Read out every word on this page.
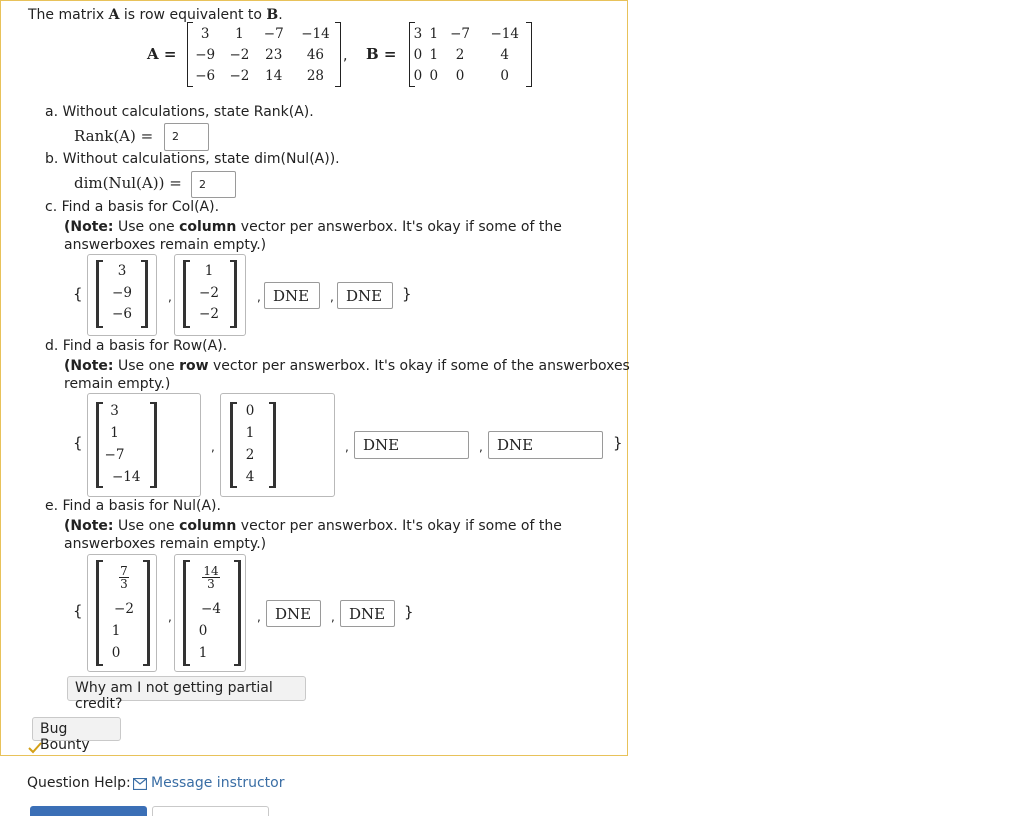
The matrix A is row equivalent to B.
A =
3	1	−7	−14
−9	−2	23	46
−6	−2	14	28
, B =
3	1	−7	−14
0	1	2	4
0	0	0	0
a. Without calculations, state Rank(A).
Rank(A) =	2
b. Without calculations, state dim(Nul(A)).
dim(Nul(A)) =	2
c. Find a basis for Col(A).
(Note: Use one column vector per answerbox. It's okay if some of the answerboxes remain empty.)
{
3
−9
−6
,
1
−2
−2
, DNE	, DNE	}
d. Find a basis for Row(A).
(Note: Use one row vector per answerbox. It's okay if some of the answerboxes remain empty.)
{
3
1
−7
−14
,
0
1
2
4
, DNE	, DNE	}
e. Find a basis for Nul(A).
(Note: Use one column vector per answerbox. It's okay if some of the answerboxes remain empty.)
{
$\frac{7}{3}$
−2
1
0
,
$\frac{14}{3}$
−4
0
1
, DNE	, DNE	}
Why am I not getting partial credit?
Bug Bounty
Question Help: Message instructor
